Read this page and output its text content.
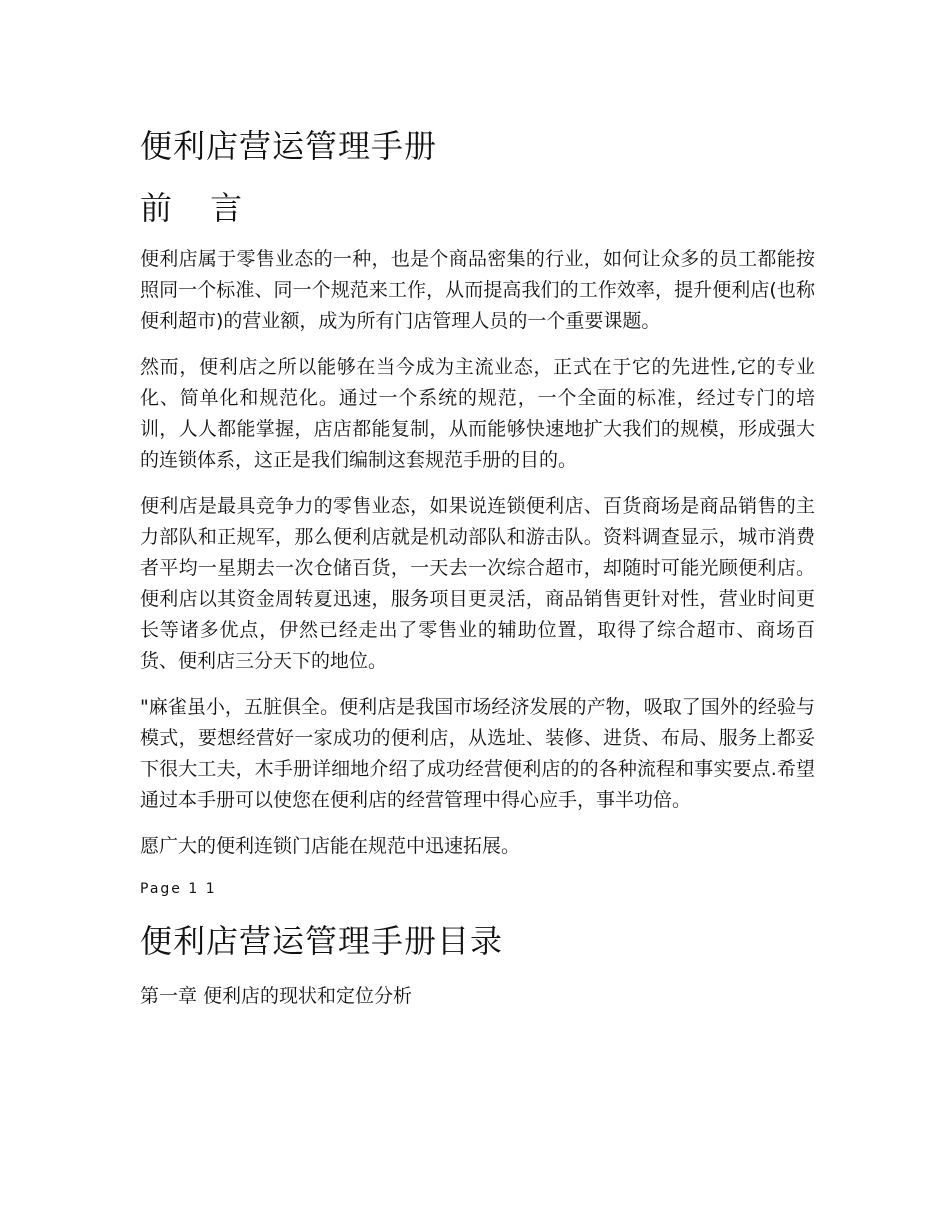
便利店营运管理手册
前 言

便利店属于零售业态的一种，也是个商品密集的行业，如何让众多的员工都能按照同一个标准、同一个规范来工作，从而提高我们的工作效率，提升便利店(也称便利超市)的营业额，成为所有门店管理人员的一个重要课题。

然而，便利店之所以能够在当今成为主流业态，正式在于它的先进性,它的专业化、简单化和规范化。通过一个系统的规范，一个全面的标准，经过专门的培训，人人都能掌握，店店都能复制，从而能够快速地扩大我们的规模，形成强大的连锁体系，这正是我们编制这套规范手册的目的。

便利店是最具竞争力的零售业态，如果说连锁便利店、百货商场是商品销售的主力部队和正规军，那么便利店就是机动部队和游击队。资料调查显示，城市消费者平均一星期去一次仓储百货，一天去一次综合超市，却随时可能光顾便利店。便利店以其资金周转夏迅速，服务项目更灵活，商品销售更针对性，营业时间更长等诸多优点，伊然已经走出了零售业的辅助位置，取得了综合超市、商场百货、便利店三分天下的地位。

"麻雀虽小，五脏俱全。便利店是我国市场经济发展的产物，吸取了国外的经验与模式，要想经营好一家成功的便利店，从选址、装修、进货、布局、服务上都妥下很大工夫，木手册详细地介绍了成功经营便利店的的各种流程和事实要点.希望通过本手册可以使您在便利店的经营管理中得心应手，事半功倍。

愿广大的便利连锁门店能在规范中迅速拓展。

Page 1 1
便利店营运管理手册目录
第一章 便利店的现状和定位分析
